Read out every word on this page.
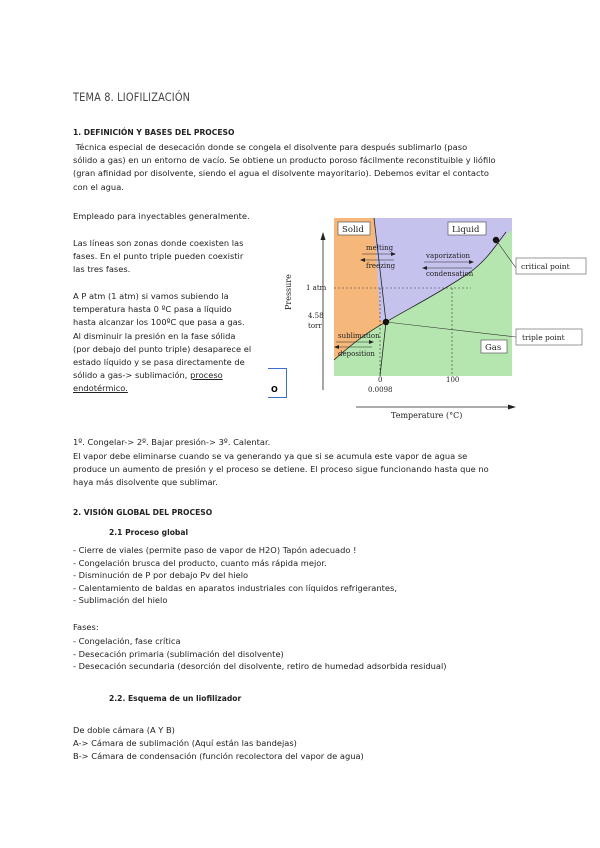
TEMA 8. LIOFILIZACIÓN
1. DEFINICIÓN Y BASES DEL PROCESO
Técnica especial de desecación donde se congela el disolvente para después sublimarlo (paso
sólido a gas) en un entorno de vacío. Se obtiene un producto poroso fácilmente reconstituible y liófilo
(gran afinidad por disolvente, siendo el agua el disolvente mayoritario). Debemos evitar el contacto
con el agua.
Empleado para inyectables generalmente.
Las líneas son zonas donde coexisten las
fases. En el punto triple pueden coexistir
las tres fases.
A P atm (1 atm) si vamos subiendo la
temperatura hasta 0 ºC pasa a líquido
hasta alcanzar los 100ºC que pasa a gas.
Al disminuir la presión en la fase sólida
(por debajo del punto triple) desaparece el
estado líquido y se pasa directamente de
sólido a gas-> sublimación, proceso
endotérmico.	O
Solid	Liquid
Gas
melting
freezing
vaporization
condensation
sublimation
deposition
critical point
triple point
1 atm
4.58
torr
0
0.0098
100
Temperature (°C)
Pressure
1º. Congelar-> 2º. Bajar presión-> 3º. Calentar.
El vapor debe eliminarse cuando se va generando ya que si se acumula este vapor de agua se
produce un aumento de presión y el proceso se detiene. El proceso sigue funcionando hasta que no
haya más disolvente que sublimar.
2. VISIÓN GLOBAL DEL PROCESO
2.1 Proceso global
- Cierre de viales (permite paso de vapor de H2O) Tapón adecuado !
- Congelación brusca del producto, cuanto más rápida mejor.
- Disminución de P por debajo Pv del hielo
- Calentamiento de baldas en aparatos industriales con líquidos refrigerantes,
- Sublimación del hielo
Fases:
- Congelación, fase crítica
- Desecación primaria (sublimación del disolvente)
- Desecación secundaria (desorción del disolvente, retiro de humedad adsorbida residual)
2.2. Esquema de un liofilizador
De doble cámara (A Y B)
A-> Cámara de sublimación (Aquí están las bandejas)
B-> Cámara de condensación (función recolectora del vapor de agua)
